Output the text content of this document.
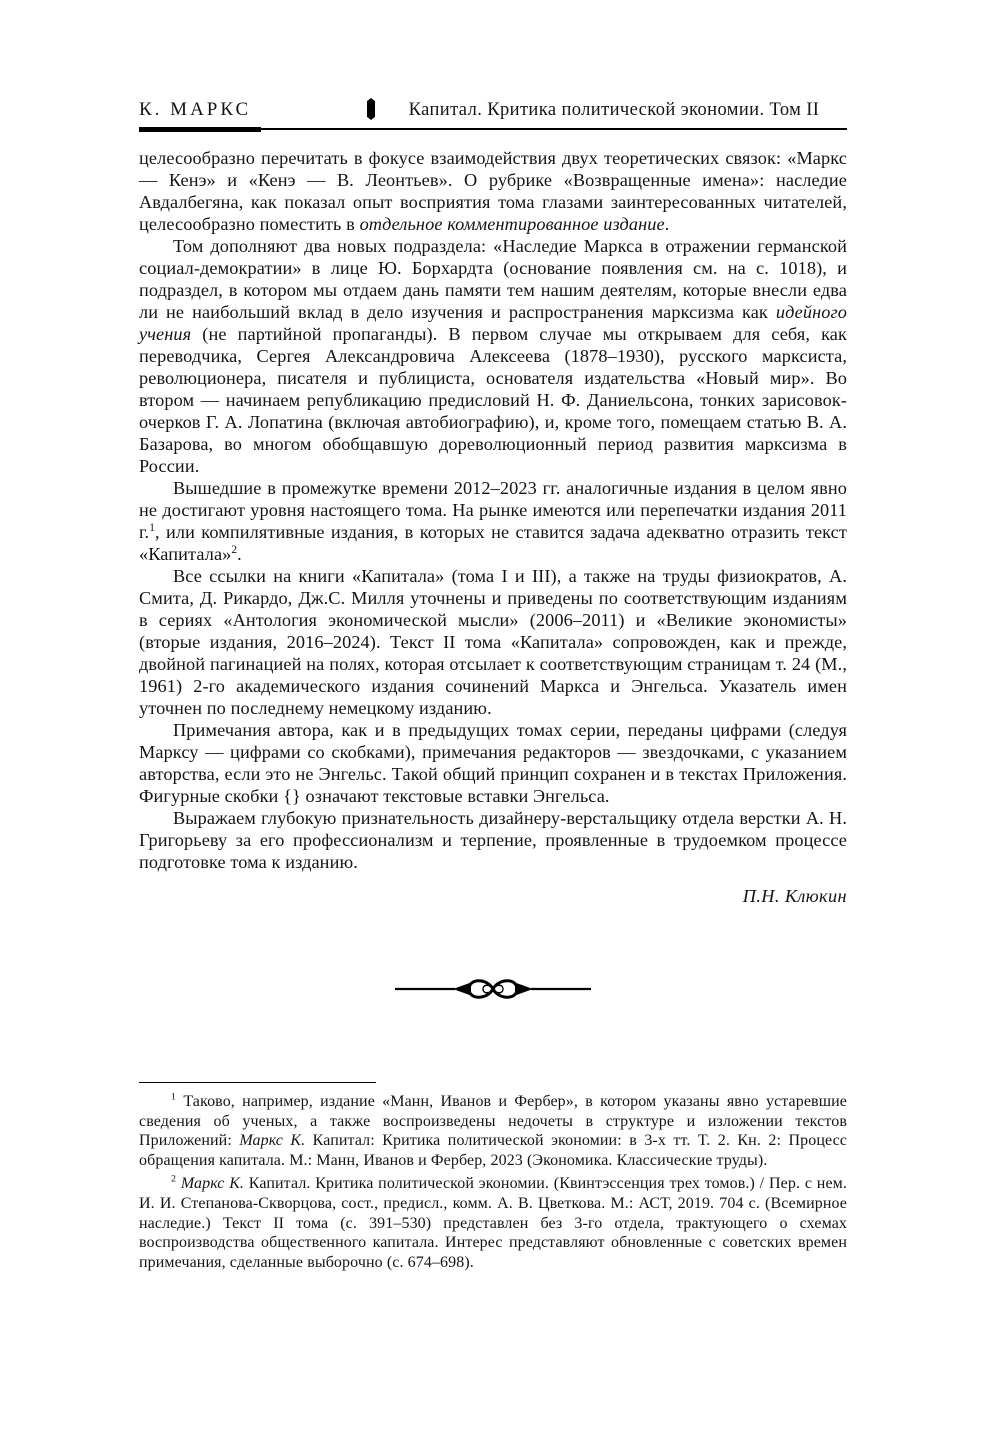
К. МАРКС	Капитал. Критика политической экономии. Том II

целесообразно перечитать в фокусе взаимодействия двух теоретических связок: «Маркс — Кенэ» и «Кенэ — В. Леонтьев». О рубрике «Возвращенные имена»: наследие Авдалбегяна, как показал опыт восприятия тома глазами заинтересованных читателей, целесообразно поместить в отдельное комментированное издание.

Том дополняют два новых подраздела: «Наследие Маркса в отражении германской социал-демократии» в лице Ю. Борхардта (основание появления см. на с. 1018), и подраздел, в котором мы отдаем дань памяти тем нашим деятелям, которые внесли едва ли не наибольший вклад в дело изучения и распространения марксизма как идейного учения (не партийной пропаганды). В первом случае мы открываем для себя, как переводчика, Сергея Александровича Алексеева (1878–1930), русского марксиста, революционера, писателя и публициста, основателя издательства «Новый мир». Во втором — начинаем републикацию предисловий Н. Ф. Даниельсона, тонких зарисовок-очерков Г. А. Лопатина (включая автобиографию), и, кроме того, помещаем статью В. А. Базарова, во многом обобщавшую дореволюционный период развития марксизма в России.

Вышедшие в промежутке времени 2012–2023 гг. аналогичные издания в целом явно не достигают уровня настоящего тома. На рынке имеются или перепечатки издания 2011 г.$^1$, или компилятивные издания, в которых не ставится задача адекватно отразить текст «Капитала»$^2$.

Все ссылки на книги «Капитала» (тома I и III), а также на труды физиократов, А. Смита, Д. Рикардо, Дж.С. Милля уточнены и приведены по соответствующим изданиям в сериях «Антология экономической мысли» (2006–2011) и «Великие экономисты» (вторые издания, 2016–2024). Текст II тома «Капитала» сопровожден, как и прежде, двойной пагинацией на полях, которая отсылает к соответствующим страницам т. 24 (М., 1961) 2-го академического издания сочинений Маркса и Энгельса. Указатель имен уточнен по последнему немецкому изданию.

Примечания автора, как и в предыдущих томах серии, переданы цифрами (следуя Марксу — цифрами со скобками), примечания редакторов — звездочками, с указанием авторства, если это не Энгельс. Такой общий принцип сохранен и в текстах Приложения. Фигурные скобки {} означают текстовые вставки Энгельса.

Выражаем глубокую признательность дизайнеру-верстальщику отдела верстки А. Н. Григорьеву за его профессионализм и терпение, проявленные в трудоемком процессе подготовке тома к изданию.

П.Н. Клюкин

$^1$ Таково, например, издание «Манн, Иванов и Фербер», в котором указаны явно устаревшие сведения об ученых, а также воспроизведены недочеты в структуре и изложении текстов Приложений: Маркс К. Капитал: Критика политической экономии: в 3-х тт. Т. 2. Кн. 2: Процесс обращения капитала. М.: Манн, Иванов и Фербер, 2023 (Экономика. Классические труды).

$^2$ Маркс К. Капитал. Критика политической экономии. (Квинтэссенция трех томов.) / Пер. с нем. И. И. Степанова-Скворцова, сост., предисл., комм. А. В. Цветкова. М.: АСТ, 2019. 704 с. (Всемирное наследие.) Текст II тома (с. 391–530) представлен без 3-го отдела, трактующего о схемах воспроизводства общественного капитала. Интерес представляют обновленные с советских времен примечания, сделанные выборочно (с. 674–698).
